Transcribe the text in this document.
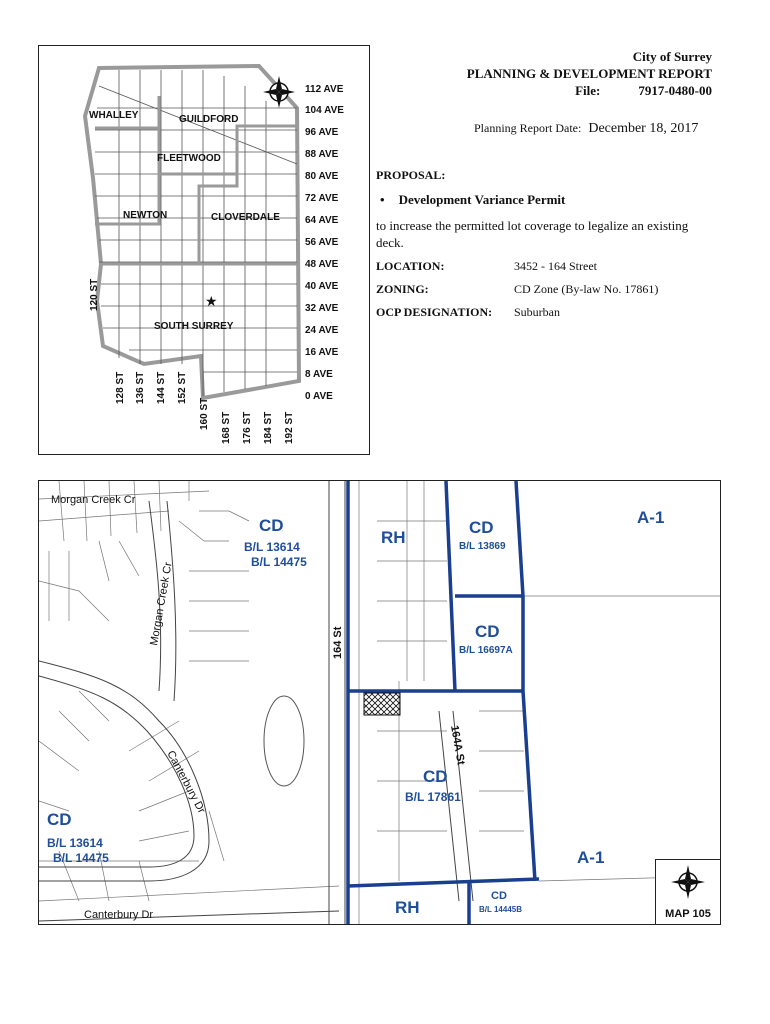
WHALLEY	GUILDFORD
FLEETWOOD
NEWTON	CLOVERDALE
SOUTH SURREY
★
112 AVE
104 AVE
96 AVE
88 AVE
80 AVE
72 AVE
64 AVE
56 AVE
48 AVE
40 AVE
32 AVE
24 AVE
16 AVE
8 AVE
0 AVE
120 ST
128 ST 136 ST 144 ST 152 ST
160 ST 168 ST 176 ST 184 ST 192 ST
City of Surrey
PLANNING & DEVELOPMENT REPORT
File:	7917-0480-00
Planning Report Date: December 18, 2017
PROPOSAL:
• Development Variance Permit
to increase the permitted lot coverage to legalize an existing deck.
LOCATION:	3452 - 164 Street
ZONING:	CD Zone (By-law No. 17861)
OCP DESIGNATION:	Suburban
CD
B/L 13614
B/L 14475
RH
CD
B/L 13869
A-1
CD
B/L 16697A
CD
B/L 17861
CD
B/L 13614
B/L 14475	A-1
RH
CD
B/L 14445B
Morgan Creek Cr
Morgan Creek Cr	164 St
164A St
Canterbury Dr
Canterbury Dr	MAP 105
